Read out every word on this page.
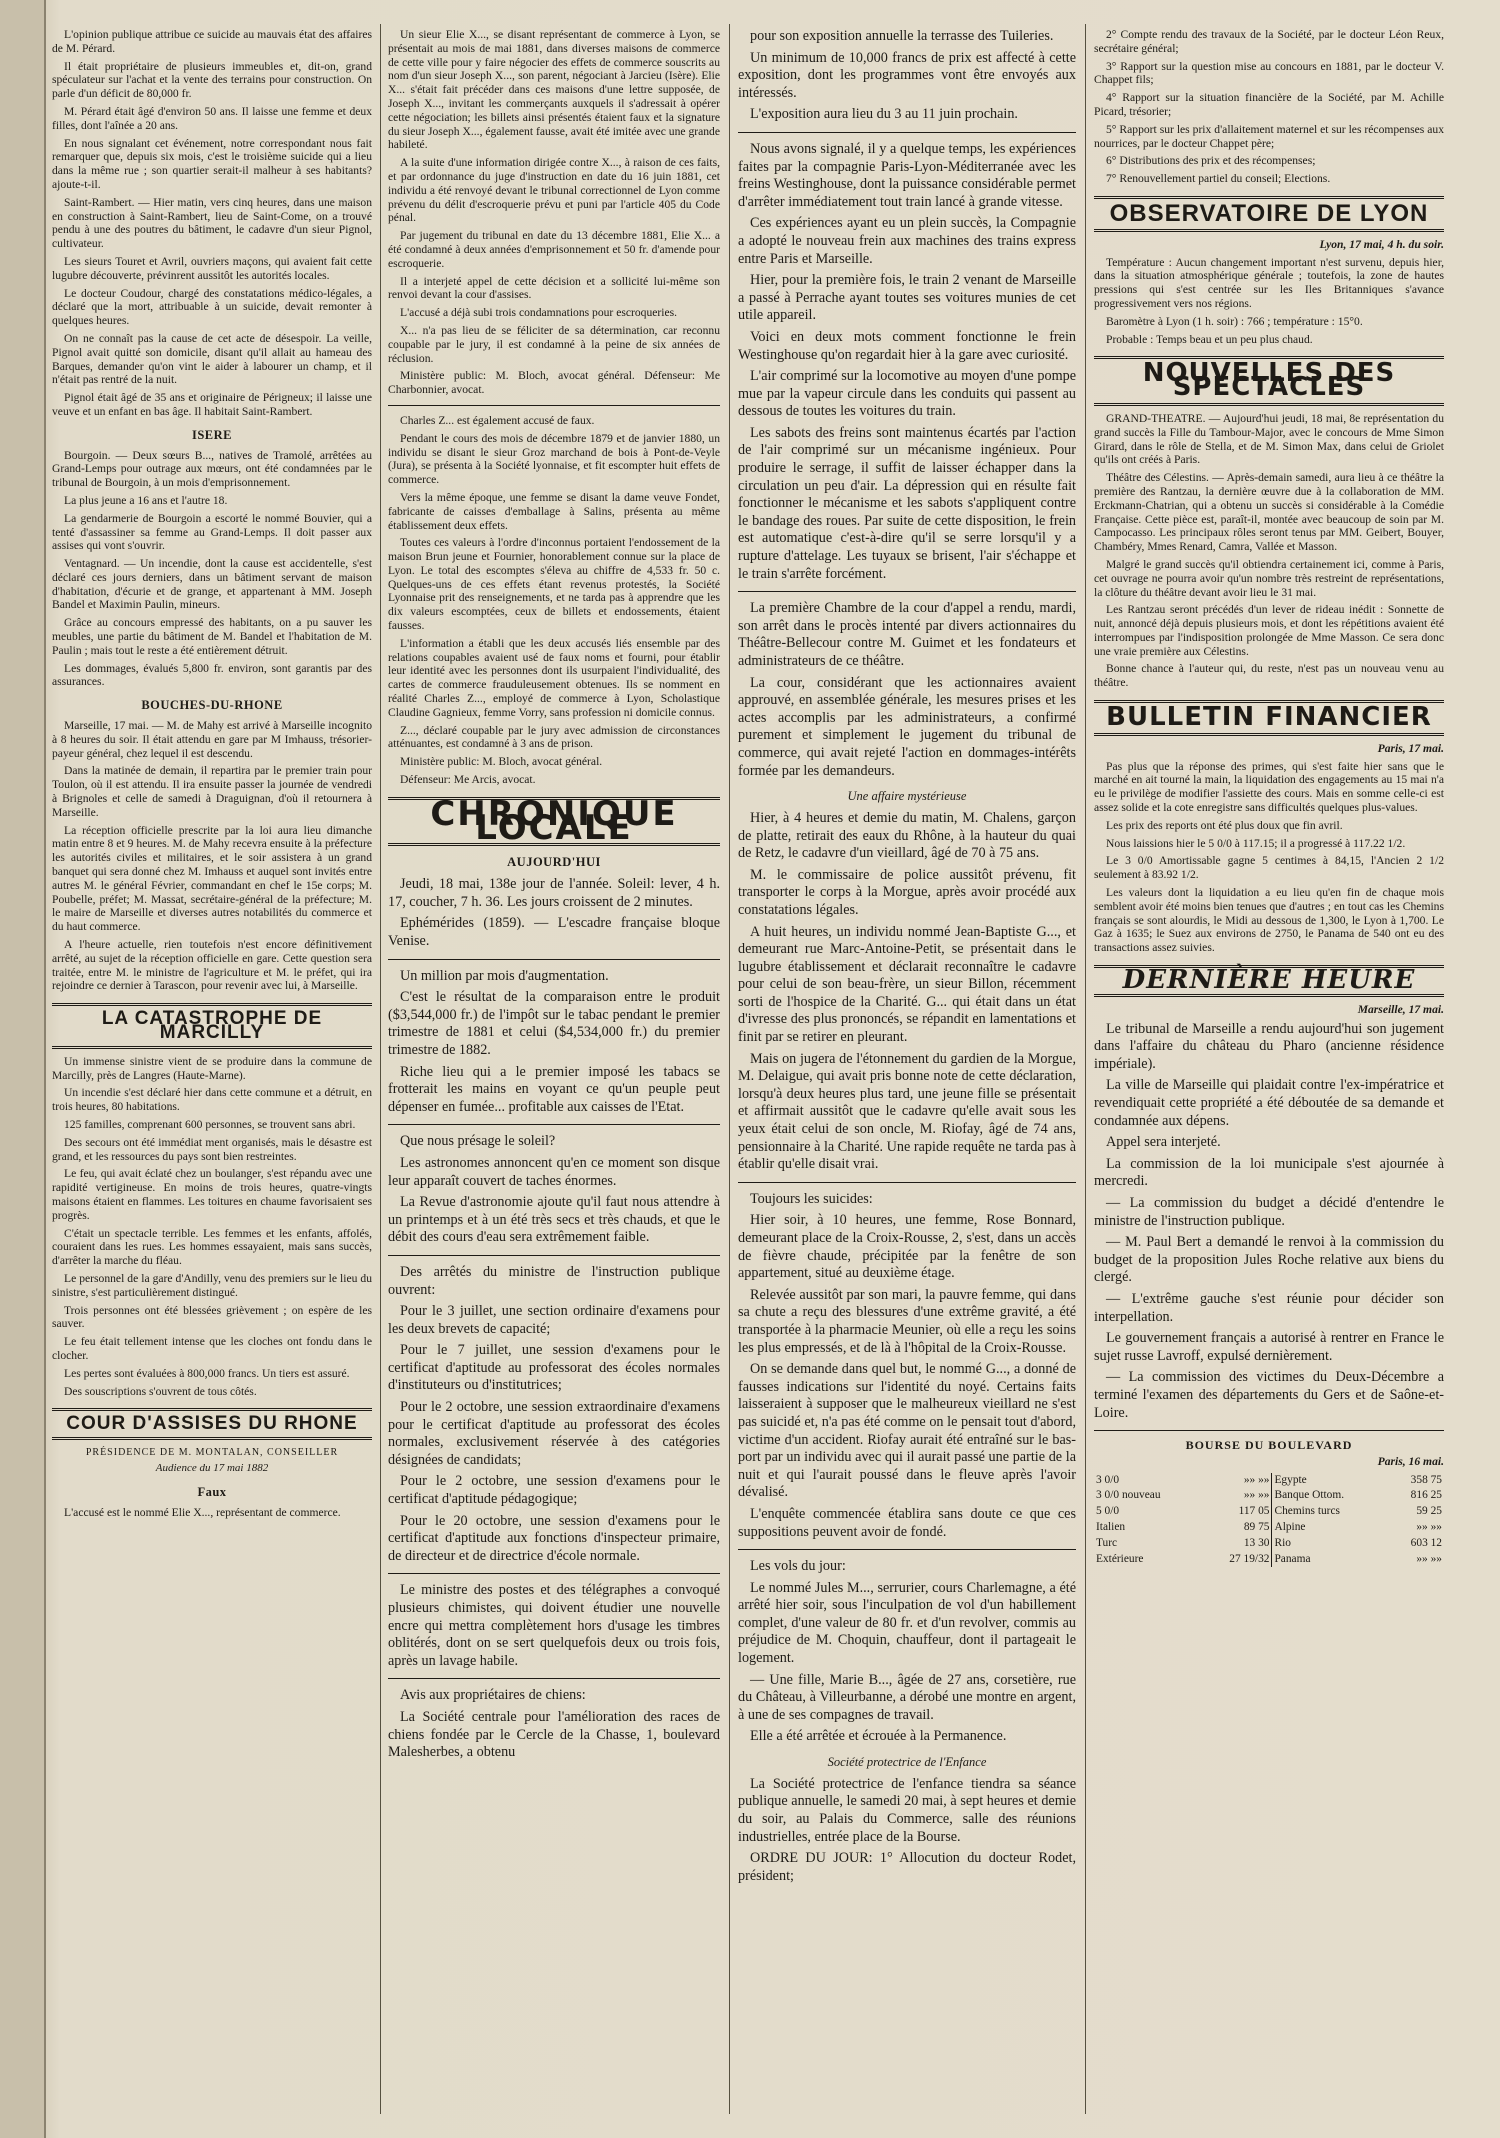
L'opinion publique attribue ce suicide au mauvais état des affaires de M. Pérard.

Il était propriétaire de plusieurs immeubles et, dit-on, grand spéculateur sur l'achat et la vente des terrains pour construction. On parle d'un déficit de 80,000 fr.

M. Pérard était âgé d'environ 50 ans. Il laisse une femme et deux filles, dont l'aînée a 20 ans.

En nous signalant cet événement, notre correspondant nous fait remarquer que, depuis six mois, c'est le troisième suicide qui a lieu dans la même rue ; son quartier serait-il malheur à ses habitants? ajoute-t-il.

Saint-Rambert. — Hier matin, vers cinq heures, dans une maison en construction à Saint-Rambert, lieu de Saint-Come, on a trouvé pendu à une des poutres du bâtiment, le cadavre d'un sieur Pignol, cultivateur.

Les sieurs Touret et Avril, ouvriers maçons, qui avaient fait cette lugubre découverte, prévinrent aussitôt les autorités locales.

Le docteur Coudour, chargé des constatations médico-légales, a déclaré que la mort, attribuable à un suicide, devait remonter à quelques heures.

On ne connaît pas la cause de cet acte de désespoir. La veille, Pignol avait quitté son domicile, disant qu'il allait au hameau des Barques, demander qu'on vint le aider à labourer un champ, et il n'était pas rentré de la nuit.

Pignol était âgé de 35 ans et originaire de Périgneux; il laisse une veuve et un enfant en bas âge. Il habitait Saint-Rambert.

ISERE

Bourgoin. — Deux sœurs B..., natives de Tramolé, arrêtées au Grand-Lemps pour outrage aux mœurs, ont été condamnées par le tribunal de Bourgoin, à un mois d'emprisonnement.

La plus jeune a 16 ans et l'autre 18.

La gendarmerie de Bourgoin a escorté le nommé Bouvier, qui a tenté d'assassiner sa femme au Grand-Lemps. Il doit passer aux assises qui vont s'ouvrir.

Ventagnard. — Un incendie, dont la cause est accidentelle, s'est déclaré ces jours derniers, dans un bâtiment servant de maison d'habitation, d'écurie et de grange, et appartenant à MM. Joseph Bandel et Maximin Paulin, mineurs.

Grâce au concours empressé des habitants, on a pu sauver les meubles, une partie du bâtiment de M. Bandel et l'habitation de M. Paulin ; mais tout le reste a été entièrement détruit.

Les dommages, évalués 5,800 fr. environ, sont garantis par des assurances.

BOUCHES-DU-RHONE

Marseille, 17 mai. — M. de Mahy est arrivé à Marseille incognito à 8 heures du soir. Il était attendu en gare par M Imhauss, trésorier-payeur général, chez lequel il est descendu.

Dans la matinée de demain, il repartira par le premier train pour Toulon, où il est attendu. Il ira ensuite passer la journée de vendredi à Brignoles et celle de samedi à Draguignan, d'où il retournera à Marseille.

La réception officielle prescrite par la loi aura lieu dimanche matin entre 8 et 9 heures. M. de Mahy recevra ensuite à la préfecture les autorités civiles et militaires, et le soir assistera à un grand banquet qui sera donné chez M. Imhauss et auquel sont invités entre autres M. le général Février, commandant en chef le 15e corps; M. Poubelle, préfet; M. Massat, secrétaire-général de la préfecture; M. le maire de Marseille et diverses autres notabilités du commerce et du haut commerce.

A l'heure actuelle, rien toutefois n'est encore définitivement arrêté, au sujet de la réception officielle en gare. Cette question sera traitée, entre M. le ministre de l'agriculture et M. le préfet, qui ira rejoindre ce dernier à Tarascon, pour revenir avec lui, à Marseille.

LA CATASTROPHE DE MARCILLY

Un immense sinistre vient de se produire dans la commune de Marcilly, près de Langres (Haute-Marne).

Un incendie s'est déclaré hier dans cette commune et a détruit, en trois heures, 80 habitations.

125 familles, comprenant 600 personnes, se trouvent sans abri.

Des secours ont été immédiat ment organisés, mais le désastre est grand, et les ressources du pays sont bien restreintes.

Le feu, qui avait éclaté chez un boulanger, s'est répandu avec une rapidité vertigineuse. En moins de trois heures, quatre-vingts maisons étaient en flammes. Les toitures en chaume favorisaient ses progrès.

C'était un spectacle terrible. Les femmes et les enfants, affolés, couraient dans les rues. Les hommes essayaient, mais sans succès, d'arrêter la marche du fléau.

Le personnel de la gare d'Andilly, venu des premiers sur le lieu du sinistre, s'est particulièrement distingué.

Trois personnes ont été blessées grièvement ; on espère de les sauver.

Le feu était tellement intense que les cloches ont fondu dans le clocher.

Les pertes sont évaluées à 800,000 francs. Un tiers est assuré.

Des souscriptions s'ouvrent de tous côtés.

COUR D'ASSISES DU RHONE
PRÉSIDENCE DE M. MONTALAN, CONSEILLER
Audience du 17 mai 1882
Faux

L'accusé est le nommé Elie X..., représentant de commerce.

Un sieur Elie X..., se disant représentant de commerce à Lyon, se présentait au mois de mai 1881, dans diverses maisons de commerce de cette ville pour y faire négocier des effets de commerce souscrits au nom d'un sieur Joseph X..., son parent, négociant à Jarcieu (Isère). Elie X... s'était fait précéder dans ces maisons d'une lettre supposée, de Joseph X..., invitant les commerçants auxquels il s'adressait à opérer cette négociation; les billets ainsi présentés étaient faux et la signature du sieur Joseph X..., également fausse, avait été imitée avec une grande habileté.

A la suite d'une information dirigée contre X..., à raison de ces faits, et par ordonnance du juge d'instruction en date du 16 juin 1881, cet individu a été renvoyé devant le tribunal correctionnel de Lyon comme prévenu du délit d'escroquerie prévu et puni par l'article 405 du Code pénal.

Par jugement du tribunal en date du 13 décembre 1881, Elie X... a été condamné à deux années d'emprisonnement et 50 fr. d'amende pour escroquerie.

Il a interjeté appel de cette décision et a sollicité lui-même son renvoi devant la cour d'assises.

L'accusé a déjà subi trois condamnations pour escroqueries.

X... n'a pas lieu de se féliciter de sa détermination, car reconnu coupable par le jury, il est condamné à la peine de six années de réclusion.

Ministère public: M. Bloch, avocat général. Défenseur: Me Charbonnier, avocat.

Charles Z... est également accusé de faux.

Pendant le cours des mois de décembre 1879 et de janvier 1880, un individu se disant le sieur Groz marchand de bois à Pont-de-Veyle (Jura), se présenta à la Société lyonnaise, et fit escompter huit effets de commerce.

Vers la même époque, une femme se disant la dame veuve Fondet, fabricante de caisses d'emballage à Salins, présenta au même établissement deux effets.

Toutes ces valeurs à l'ordre d'inconnus portaient l'endossement de la maison Brun jeune et Fournier, honorablement connue sur la place de Lyon. Le total des escomptes s'éleva au chiffre de 4,533 fr. 50 c. Quelques-uns de ces effets étant revenus protestés, la Société Lyonnaise prit des renseignements, et ne tarda pas à apprendre que les dix valeurs escomptées, ceux de billets et endossements, étaient fausses.

L'information a établi que les deux accusés liés ensemble par des relations coupables avaient usé de faux noms et fourni, pour établir leur identité avec les personnes dont ils usurpaient l'individualité, des cartes de commerce frauduleusement obtenues. Ils se nomment en réalité Charles Z..., employé de commerce à Lyon, Scholastique Claudine Gagnieux, femme Vorry, sans profession ni domicile connus.

Z..., déclaré coupable par le jury avec admission de circonstances atténuantes, est condamné à 3 ans de prison.

Ministère public: M. Bloch, avocat général.

Défenseur: Me Arcis, avocat.

CHRONIQUE LOCALE
AUJOURD'HUI

Jeudi, 18 mai, 138e jour de l'année. Soleil: lever, 4 h. 17, coucher, 7 h. 36. Les jours croissent de 2 minutes.

Ephémérides (1859). — L'escadre française bloque Venise.

Un million par mois d'augmentation.

C'est le résultat de la comparaison entre le produit ($3,544,000 fr.) de l'impôt sur le tabac pendant le premier trimestre de 1881 et celui ($4,534,000 fr.) du premier trimestre de 1882.

Riche lieu qui a le premier imposé les tabacs se frotterait les mains en voyant ce qu'un peuple peut dépenser en fumée... profitable aux caisses de l'Etat.

Que nous présage le soleil?

Les astronomes annoncent qu'en ce moment son disque leur apparaît couvert de taches énormes.

La Revue d'astronomie ajoute qu'il faut nous attendre à un printemps et à un été très secs et très chauds, et que le débit des cours d'eau sera extrêmement faible.

Des arrêtés du ministre de l'instruction publique ouvrent:

Pour le 3 juillet, une section ordinaire d'examens pour les deux brevets de capacité;

Pour le 7 juillet, une session d'examens pour le certificat d'aptitude au professorat des écoles normales d'instituteurs ou d'institutrices;

Pour le 2 octobre, une session extraordinaire d'examens pour le certificat d'aptitude au professorat des écoles normales, exclusivement réservée à des catégories désignées de candidats;

Pour le 2 octobre, une session d'examens pour le certificat d'aptitude pédagogique;

Pour le 20 octobre, une session d'examens pour le certificat d'aptitude aux fonctions d'inspecteur primaire, de directeur et de directrice d'école normale.

Le ministre des postes et des télégraphes a convoqué plusieurs chimistes, qui doivent étudier une nouvelle encre qui mettra complètement hors d'usage les timbres oblitérés, dont on se sert quelquefois deux ou trois fois, après un lavage habile.

Avis aux propriétaires de chiens:

La Société centrale pour l'amélioration des races de chiens fondée par le Cercle de la Chasse, 1, boulevard Malesherbes, a obtenu

pour son exposition annuelle la terrasse des Tuileries.

Un minimum de 10,000 francs de prix est affecté à cette exposition, dont les programmes vont être envoyés aux intéressés.

L'exposition aura lieu du 3 au 11 juin prochain.

Nous avons signalé, il y a quelque temps, les expériences faites par la compagnie Paris-Lyon-Méditerranée avec les freins Westinghouse, dont la puissance considérable permet d'arrêter immédiatement tout train lancé à grande vitesse.

Ces expériences ayant eu un plein succès, la Compagnie a adopté le nouveau frein aux machines des trains express entre Paris et Marseille.

Hier, pour la première fois, le train 2 venant de Marseille a passé à Perrache ayant toutes ses voitures munies de cet utile appareil.

Voici en deux mots comment fonctionne le frein Westinghouse qu'on regardait hier à la gare avec curiosité.

L'air comprimé sur la locomotive au moyen d'une pompe mue par la vapeur circule dans les conduits qui passent au dessous de toutes les voitures du train.

Les sabots des freins sont maintenus écartés par l'action de l'air comprimé sur un mécanisme ingénieux. Pour produire le serrage, il suffit de laisser échapper dans la circulation un peu d'air. La dépression qui en résulte fait fonctionner le mécanisme et les sabots s'appliquent contre le bandage des roues. Par suite de cette disposition, le frein est automatique c'est-à-dire qu'il se serre lorsqu'il y a rupture d'attelage. Les tuyaux se brisent, l'air s'échappe et le train s'arrête forcément.

La première Chambre de la cour d'appel a rendu, mardi, son arrêt dans le procès intenté par divers actionnaires du Théâtre-Bellecour contre M. Guimet et les fondateurs et administrateurs de ce théâtre.

La cour, considérant que les actionnaires avaient approuvé, en assemblée générale, les mesures prises et les actes accomplis par les administrateurs, a confirmé purement et simplement le jugement du tribunal de commerce, qui avait rejeté l'action en dommages-intérêts formée par les demandeurs.

Une affaire mystérieuse

Hier, à 4 heures et demie du matin, M. Chalens, garçon de platte, retirait des eaux du Rhône, à la hauteur du quai de Retz, le cadavre d'un vieillard, âgé de 70 à 75 ans.

M. le commissaire de police aussitôt prévenu, fit transporter le corps à la Morgue, après avoir procédé aux constatations légales.

A huit heures, un individu nommé Jean-Baptiste G..., et demeurant rue Marc-Antoine-Petit, se présentait dans le lugubre établissement et déclarait reconnaître le cadavre pour celui de son beau-frère, un sieur Billon, récemment sorti de l'hospice de la Charité. G... qui était dans un état d'ivresse des plus prononcés, se répandit en lamentations et finit par se retirer en pleurant.

Mais on jugera de l'étonnement du gardien de la Morgue, M. Delaigue, qui avait pris bonne note de cette déclaration, lorsqu'à deux heures plus tard, une jeune fille se présentait et affirmait aussitôt que le cadavre qu'elle avait sous les yeux était celui de son oncle, M. Riofay, âgé de 74 ans, pensionnaire à la Charité. Une rapide requête ne tarda pas à établir qu'elle disait vrai.

Toujours les suicides:

Hier soir, à 10 heures, une femme, Rose Bonnard, demeurant place de la Croix-Rousse, 2, s'est, dans un accès de fièvre chaude, précipitée par la fenêtre de son appartement, situé au deuxième étage.

Relevée aussitôt par son mari, la pauvre femme, qui dans sa chute a reçu des blessures d'une extrême gravité, a été transportée à la pharmacie Meunier, où elle a reçu les soins les plus empressés, et de là à l'hôpital de la Croix-Rousse.

On se demande dans quel but, le nommé G..., a donné de fausses indications sur l'identité du noyé. Certains faits laisseraient à supposer que le malheureux vieillard ne s'est pas suicidé et, n'a pas été comme on le pensait tout d'abord, victime d'un accident. Riofay aurait été entraîné sur le bas-port par un individu avec qui il aurait passé une partie de la nuit et qui l'aurait poussé dans le fleuve après l'avoir dévalisé.

L'enquête commencée établira sans doute ce que ces suppositions peuvent avoir de fondé.

Les vols du jour:

Le nommé Jules M..., serrurier, cours Charlemagne, a été arrêté hier soir, sous l'inculpation de vol d'un habillement complet, d'une valeur de 80 fr. et d'un revolver, commis au préjudice de M. Choquin, chauffeur, dont il partageait le logement.

— Une fille, Marie B..., âgée de 27 ans, corsetière, rue du Château, à Villeurbanne, a dérobé une montre en argent, à une de ses compagnes de travail.

Elle a été arrêtée et écrouée à la Permanence.

Société protectrice de l'Enfance

La Société protectrice de l'enfance tiendra sa séance publique annuelle, le samedi 20 mai, à sept heures et demie du soir, au Palais du Commerce, salle des réunions industrielles, entrée place de la Bourse.

ORDRE DU JOUR: 1° Allocution du docteur Rodet, président;

2° Compte rendu des travaux de la Société, par le docteur Léon Reux, secrétaire général;

3° Rapport sur la question mise au concours en 1881, par le docteur V. Chappet fils;

4° Rapport sur la situation financière de la Société, par M. Achille Picard, trésorier;

5° Rapport sur les prix d'allaitement maternel et sur les récompenses aux nourrices, par le docteur Chappet père;

6° Distributions des prix et des récompenses;

7° Renouvellement partiel du conseil; Elections.

OBSERVATOIRE DE LYON
Lyon, 17 mai, 4 h. du soir.

Température : Aucun changement important n'est survenu, depuis hier, dans la situation atmosphérique générale ; toutefois, la zone de hautes pressions qui s'est centrée sur les Iles Britanniques s'avance progressivement vers nos régions.

Baromètre à Lyon (1 h. soir) : 766 ; température : 15°0.

Probable : Temps beau et un peu plus chaud.

NOUVELLES DES SPECTACLES

GRAND-THEATRE. — Aujourd'hui jeudi, 18 mai, 8e représentation du grand succès la Fille du Tambour-Major, avec le concours de Mme Simon Girard, dans le rôle de Stella, et de M. Simon Max, dans celui de Griolet qu'ils ont créés à Paris.

Théâtre des Célestins. — Après-demain samedi, aura lieu à ce théâtre la première des Rantzau, la dernière œuvre due à la collaboration de MM. Erckmann-Chatrian, qui a obtenu un succès si considérable à la Comédie Française. Cette pièce est, paraît-il, montée avec beaucoup de soin par M. Campocasso. Les principaux rôles seront tenus par MM. Geibert, Bouyer, Chambéry, Mmes Renard, Camra, Vallée et Masson.

Malgré le grand succès qu'il obtiendra certainement ici, comme à Paris, cet ouvrage ne pourra avoir qu'un nombre très restreint de représentations, la clôture du théâtre devant avoir lieu le 31 mai.

Les Rantzau seront précédés d'un lever de rideau inédit : Sonnette de nuit, annoncé déjà depuis plusieurs mois, et dont les répétitions avaient été interrompues par l'indisposition prolongée de Mme Masson. Ce sera donc une vraie première aux Célestins.

Bonne chance à l'auteur qui, du reste, n'est pas un nouveau venu au théâtre.

BULLETIN FINANCIER
Paris, 17 mai.

Pas plus que la réponse des primes, qui s'est faite hier sans que le marché en ait tourné la main, la liquidation des engagements au 15 mai n'a eu le privilège de modifier l'assiette des cours. Mais en somme celle-ci est assez solide et la cote enregistre sans difficultés quelques plus-values.

Les prix des reports ont été plus doux que fin avril.

Nous laissions hier le 5 0/0 à 117.15; il a progressé à 117.22 1/2.

Le 3 0/0 Amortissable gagne 5 centimes à 84,15, l'Ancien 2 1/2 seulement à 83.92 1/2.

Les valeurs dont la liquidation a eu lieu qu'en fin de chaque mois semblent avoir été moins bien tenues que d'autres ; en tout cas les Chemins français se sont alourdis, le Midi au dessous de 1,300, le Lyon à 1,700. Le Gaz à 1635; le Suez aux environs de 2750, le Panama de 540 ont eu des transactions assez suivies.

DERNIÈRE HEURE
Marseille, 17 mai.

Le tribunal de Marseille a rendu aujourd'hui son jugement dans l'affaire du château du Pharo (ancienne résidence impériale).

La ville de Marseille qui plaidait contre l'ex-impératrice et revendiquait cette propriété a été déboutée de sa demande et condamnée aux dépens.

Appel sera interjeté.

La commission de la loi municipale s'est ajournée à mercredi.

— La commission du budget a décidé d'entendre le ministre de l'instruction publique.

— M. Paul Bert a demandé le renvoi à la commission du budget de la proposition Jules Roche relative aux biens du clergé.

— L'extrême gauche s'est réunie pour décider son interpellation.

Le gouvernement français a autorisé à rentrer en France le sujet russe Lavroff, expulsé dernièrement.

— La commission des victimes du Deux-Décembre a terminé l'examen des départements du Gers et de Saône-et-Loire.

BOURSE DU BOULEVARD
Paris, 16 mai.
3 0/0	»» »»	Egypte	358 75
3 0/0 nouveau	»» »»	Banque Ottom.	816 25
5 0/0	117 05	Chemins turcs	59 25
Italien	89 75	Alpine	»» »»
Turc	13 30	Rio	603 12
Extérieure	27 19/32	Panama	»» »»
